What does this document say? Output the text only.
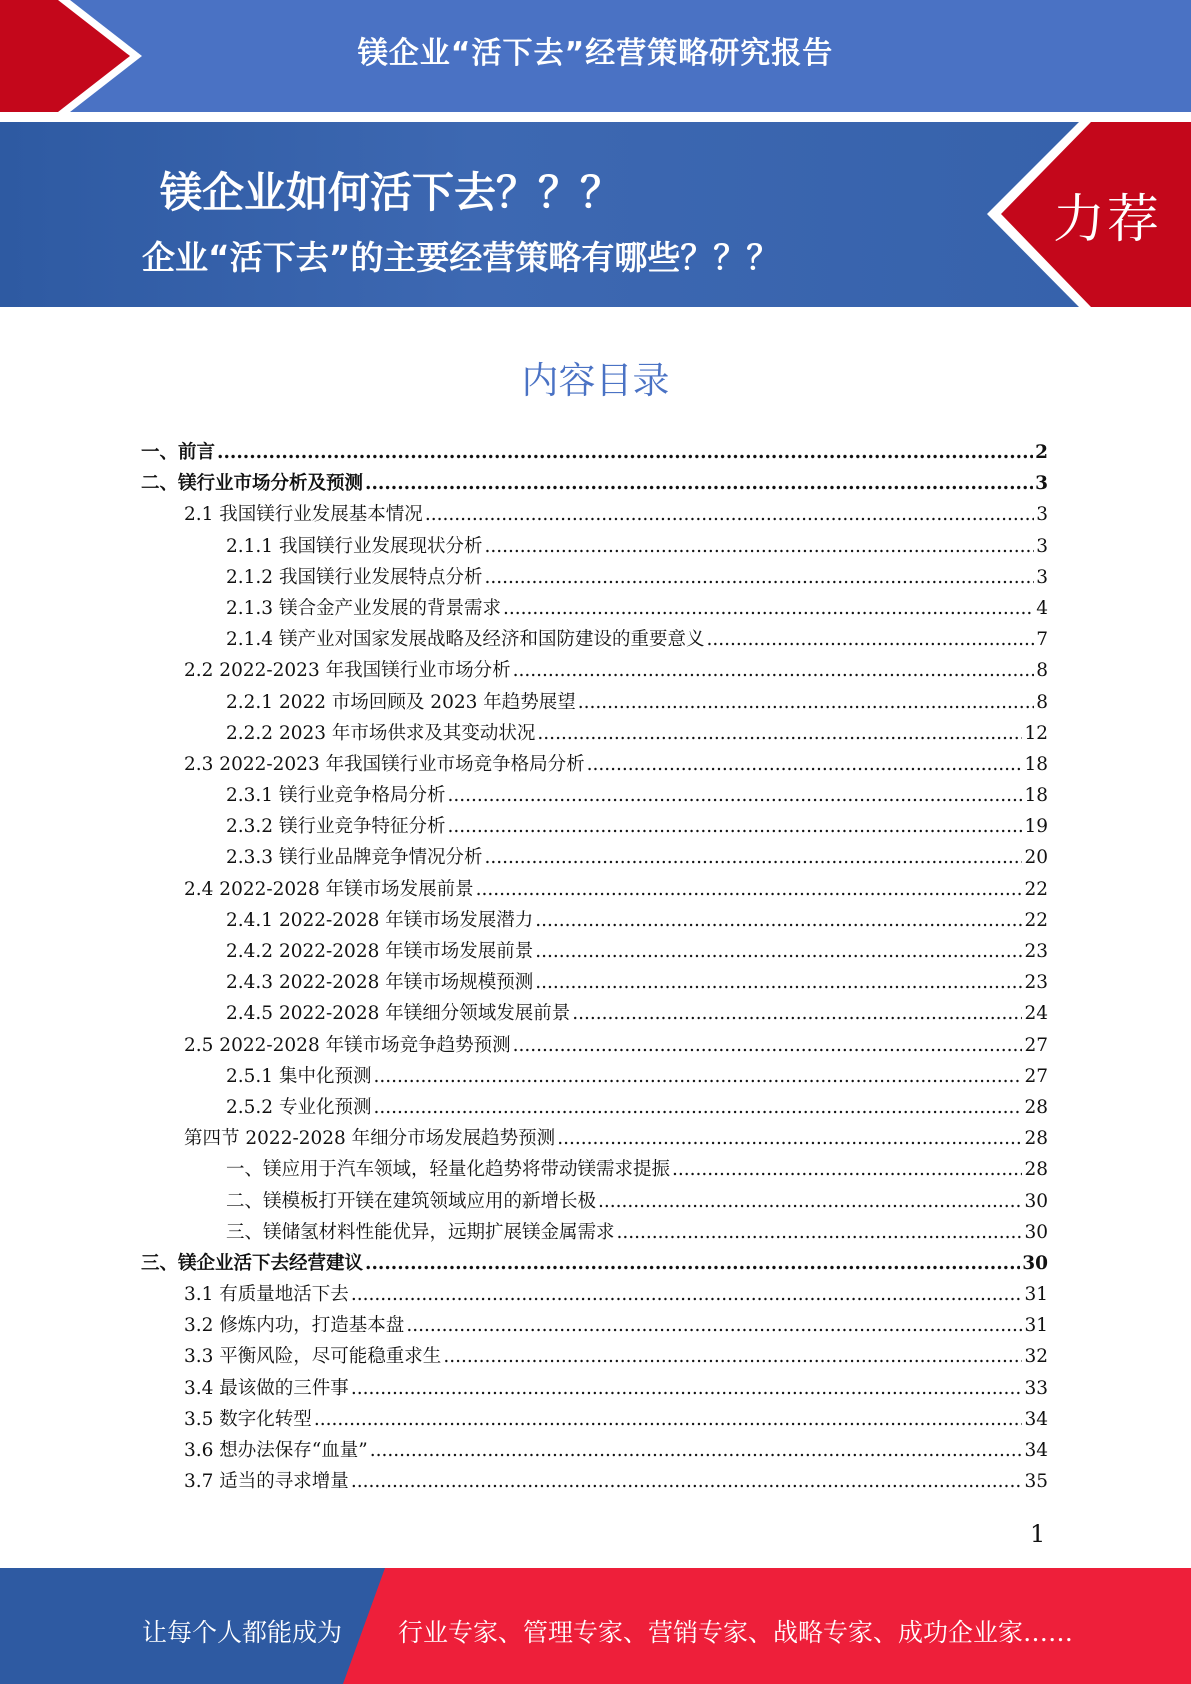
镁企业“活下去”经营策略研究报告
镁企业如何活下去？？？
企业“活下去”的主要经营策略有哪些？？？
力荐
内容目录
一、前言 .....	2
二、镁行业市场分析及预测 .....	3
2.1 我国镁行业发展基本情况 .....	3
2.1.1 我国镁行业发展现状分析 .....	3
2.1.2 我国镁行业发展特点分析 .....	3
2.1.3 镁合金产业发展的背景需求 .....	4
2.1.4 镁产业对国家发展战略及经济和国防建设的重要意义 .....	7
2.2 2022-2023 年我国镁行业市场分析 .....	8
2.2.1 2022 市场回顾及 2023 年趋势展望 .....	8
2.2.2 2023 年市场供求及其变动状况 .....	12
2.3 2022-2023 年我国镁行业市场竞争格局分析 .....	18
2.3.1 镁行业竞争格局分析 .....	18
2.3.2 镁行业竞争特征分析 .....	19
2.3.3 镁行业品牌竞争情况分析 .....	20
2.4 2022-2028 年镁市场发展前景 .....	22
2.4.1 2022-2028 年镁市场发展潜力 .....	22
2.4.2 2022-2028 年镁市场发展前景 .....	23
2.4.3 2022-2028 年镁市场规模预测 .....	23
2.4.5 2022-2028 年镁细分领域发展前景 .....	24
2.5 2022-2028 年镁市场竞争趋势预测 .....	27
2.5.1 集中化预测 .....	27
2.5.2 专业化预测 .....	28
第四节 2022-2028 年细分市场发展趋势预测 .....	28
一、镁应用于汽车领域，轻量化趋势将带动镁需求提振 .....	28
二、镁模板打开镁在建筑领域应用的新增长极 .....	30
三、镁储氢材料性能优异，远期扩展镁金属需求 .....	30
三、镁企业活下去经营建议 .....	30
3.1 有质量地活下去 .....	31
3.2 修炼内功，打造基本盘 .....	31
3.3 平衡风险，尽可能稳重求生 .....	32
3.4 最该做的三件事 .....	33
3.5 数字化转型 .....	34
3.6 想办法保存“血量” .....	34
3.7 适当的寻求增量 .....	35
1
让每个人都能成为 行业专家、管理专家、营销专家、战略专家、成功企业家……
